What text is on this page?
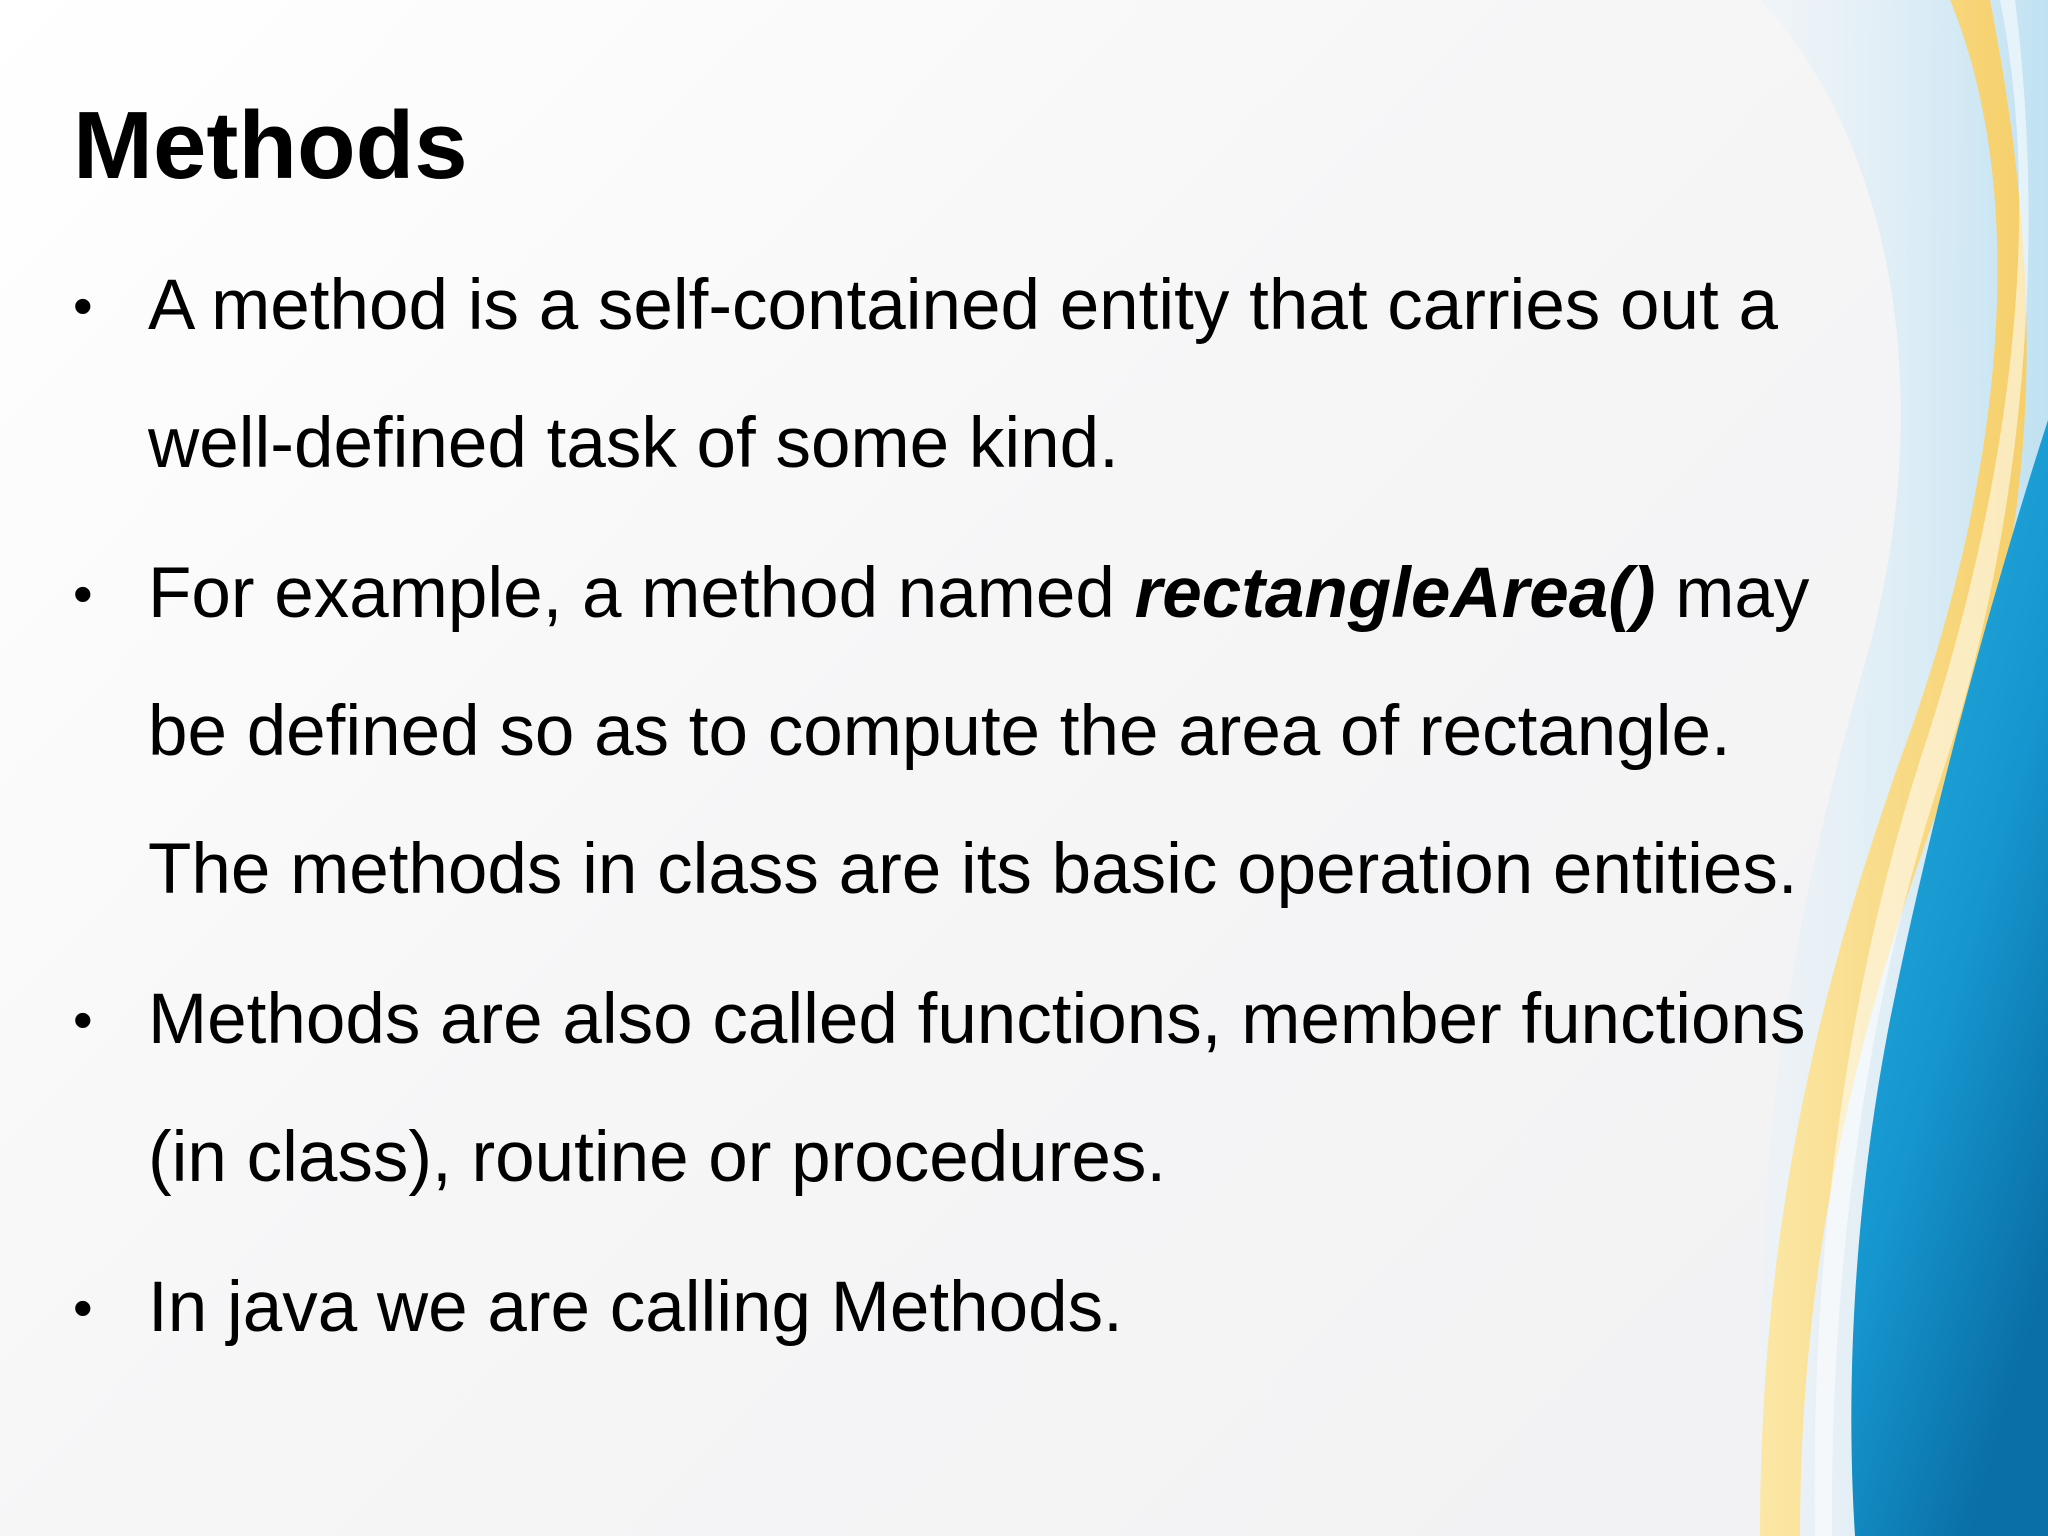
Methods
• A method is a self-contained entity that carries out a
well-defined task of some kind.
• For example, a method named rectangleArea() may
be defined so as to compute the area of rectangle.
The methods in class are its basic operation entities.
• Methods are also called functions, member functions
(in class), routine or procedures.
• In java we are calling Methods.
